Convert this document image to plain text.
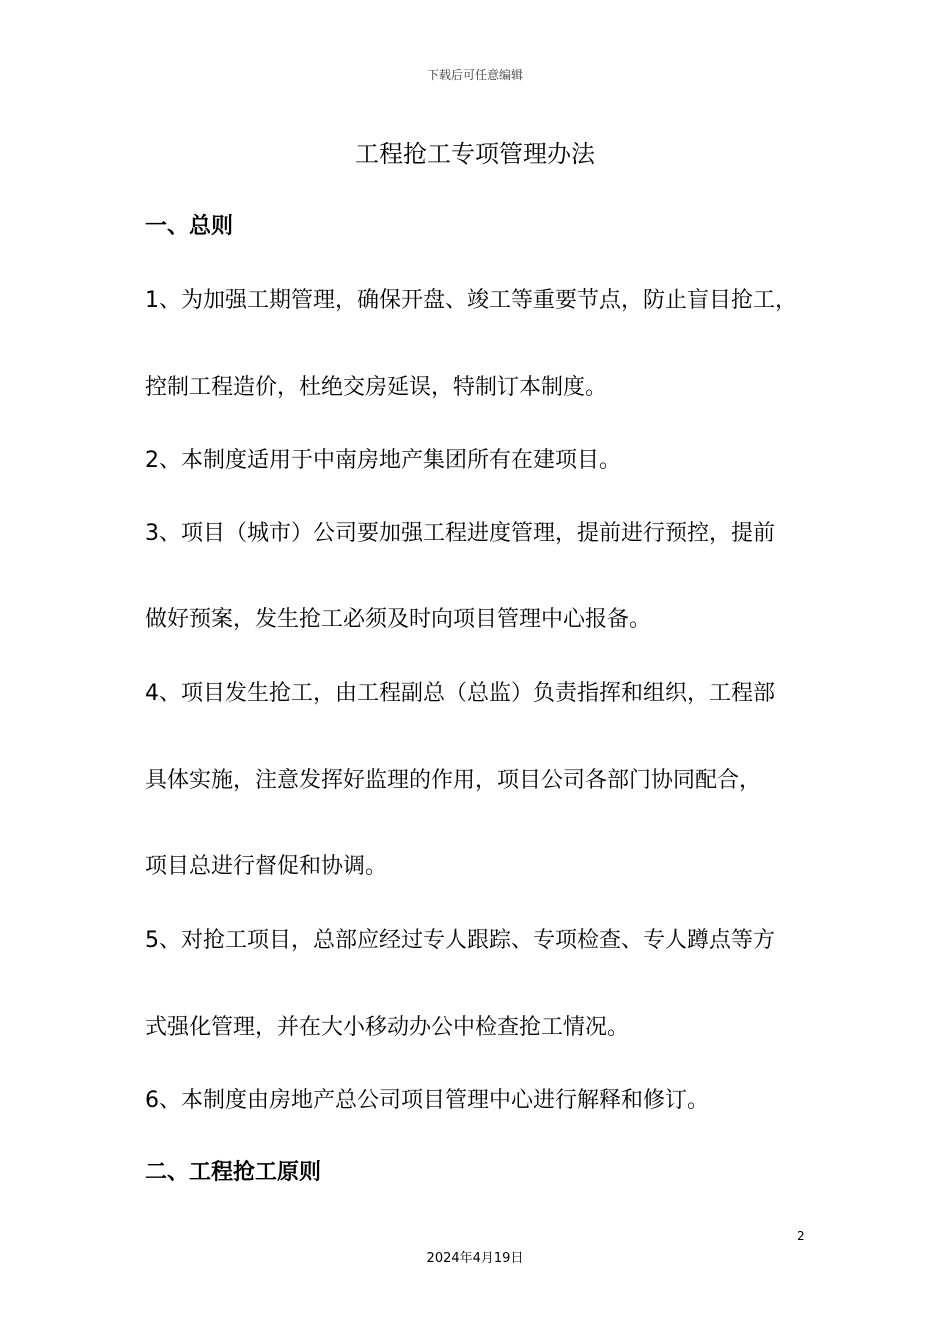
下载后可任意编辑
工程抢工专项管理办法
一、总则
1、为加强工期管理，确保开盘、竣工等重要节点，防止盲目抢工，
控制工程造价，杜绝交房延误，特制订本制度。
2、本制度适用于中南房地产集团所有在建项目。
3、项目（城市）公司要加强工程进度管理，提前进行预控，提前
做好预案，发生抢工必须及时向项目管理中心报备。
4、项目发生抢工，由工程副总（总监）负责指挥和组织，工程部
具体实施，注意发挥好监理的作用，项目公司各部门协同配合，
项目总进行督促和协调。
5、对抢工项目，总部应经过专人跟踪、专项检查、专人蹲点等方
式强化管理，并在大小移动办公中检查抢工情况。
6、本制度由房地产总公司项目管理中心进行解释和修订。
二、工程抢工原则
2
2024年4月19日
